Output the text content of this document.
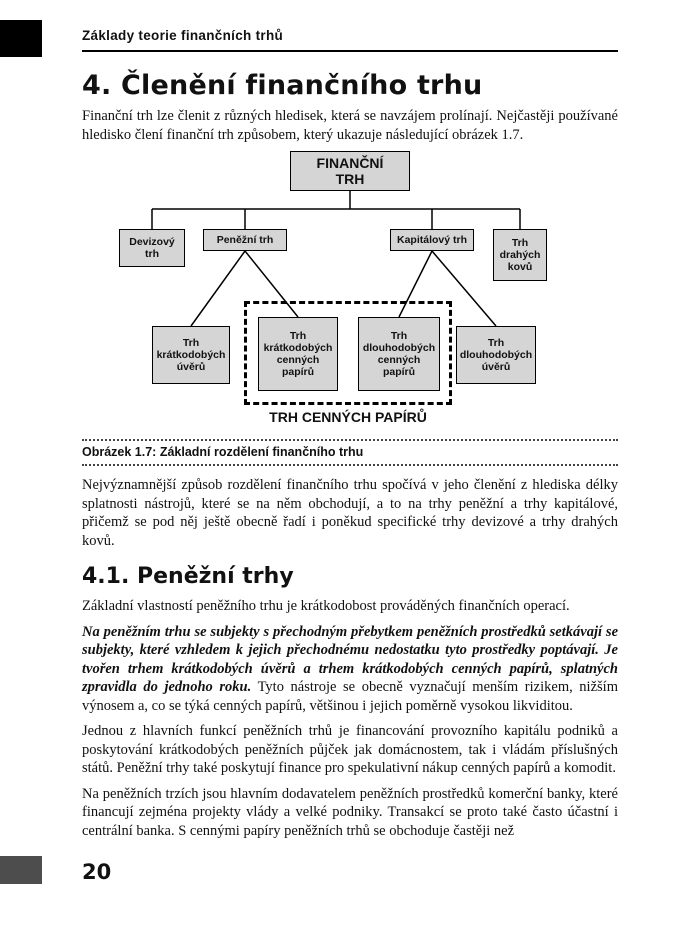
20
Základy teorie finančních trhů
4. Členění finančního trhu

Finanční trh lze členit z různých hledisek, která se navzájem prolínají. Nejčastěji používané hledisko člení finanční trh způsobem, který ukazuje následující obrázek 1.7.

FINANČNÍ TRH
Devizový trh
Peněžní trh	Kapitálový trh	Trh drahých kovů
Trh krátkodobých úvěrů
Trh krátkodobých cenných papírů
Trh dlouhodobých cenných papírů
Trh dlouhodobých úvěrů
TRH CENNÝCH PAPÍRŮ
Obrázek 1.7: Základní rozdělení finančního trhu

Nejvýznamnější způsob rozdělení finančního trhu spočívá v jeho členění z hlediska délky splatnosti nástrojů, které se na něm obchodují, a to na trhy peněžní a trhy kapitálové, přičemž se pod něj ještě obecně řadí i poněkud specifické trhy devizové a trhy drahých kovů.

4.1. Peněžní trhy

Základní vlastností peněžního trhu je krátkodobost prováděných finančních operací.

Na peněžním trhu se subjekty s přechodným přebytkem peněžních prostředků setkávají se subjekty, které vzhledem k jejich přechodnému nedostatku tyto prostředky poptávají. Je tvořen trhem krátkodobých úvěrů a trhem krátkodobých cenných papírů, splatných zpravidla do jednoho roku. Tyto nástroje se obecně vyznačují menším rizikem, nižším výnosem a, co se týká cenných papírů, většinou i jejich poměrně vysokou likviditou.

Jednou z hlavních funkcí peněžních trhů je financování provozního kapitálu podniků a poskytování krátkodobých peněžních půjček jak domácnostem, tak i vládám příslušných států. Peněžní trhy také poskytují finance pro spekulativní nákup cenných papírů a komodit.

Na peněžních trzích jsou hlavním dodavatelem peněžních prostředků komerční banky, které financují zejména projekty vlády a velké podniky. Transakcí se proto také často účastní i centrální banka. S cennými papíry peněžních trhů se obchoduje častěji než
